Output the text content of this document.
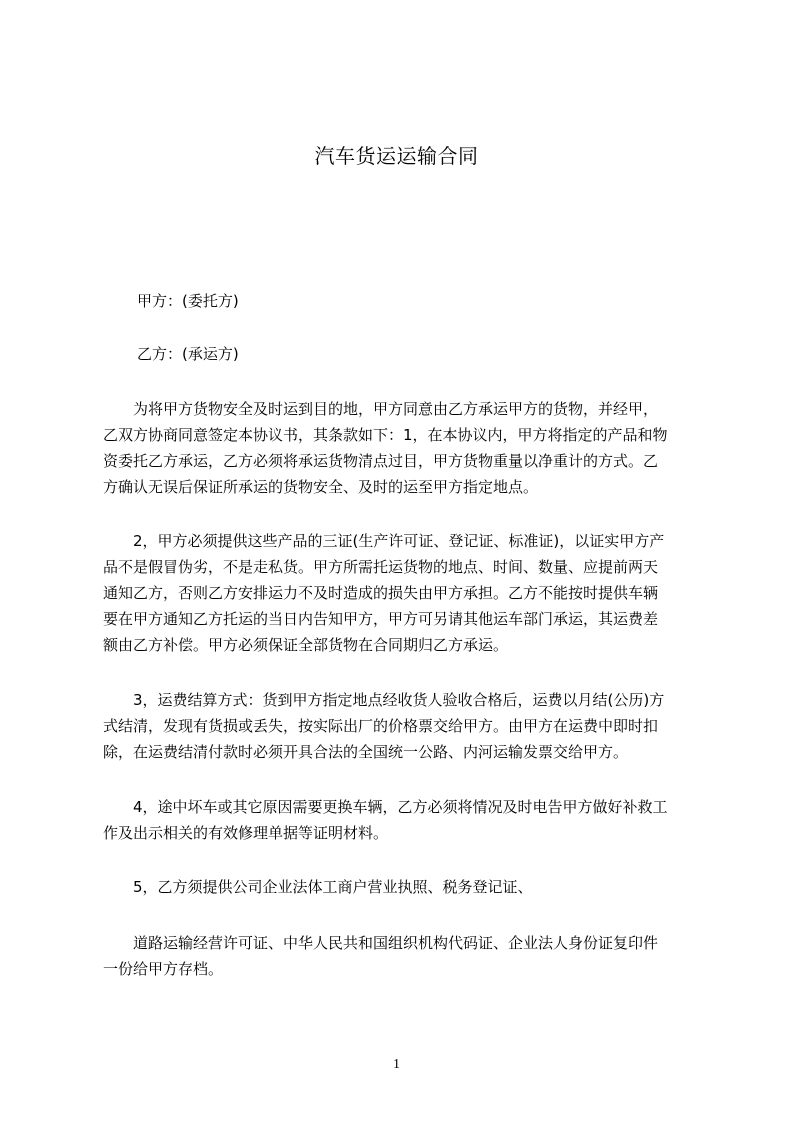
汽车货运运输合同
甲方：(委托方)
乙方：(承运方)
　　为将甲方货物安全及时运到目的地，甲方同意由乙方承运甲方的货物，并经甲，
乙双方协商同意签定本协议书，其条款如下：1，在本协议内，甲方将指定的产品和物
资委托乙方承运，乙方必须将承运货物清点过目，甲方货物重量以净重计的方式。乙
方确认无误后保证所承运的货物安全、及时的运至甲方指定地点。
　　2，甲方必须提供这些产品的三证(生产许可证、登记证、标准证)，以证实甲方产
品不是假冒伪劣，不是走私货。甲方所需托运货物的地点、时间、数量、应提前两天
通知乙方，否则乙方安排运力不及时造成的损失由甲方承担。乙方不能按时提供车辆
要在甲方通知乙方托运的当日内告知甲方，甲方可另请其他运车部门承运，其运费差
额由乙方补偿。甲方必须保证全部货物在合同期归乙方承运。
　　3，运费结算方式：货到甲方指定地点经收货人验收合格后，运费以月结(公历)方
式结清，发现有货损或丢失，按实际出厂的价格票交给甲方。由甲方在运费中即时扣
除，在运费结清付款时必须开具合法的全国统一公路、内河运输发票交给甲方。
　　4，途中坏车或其它原因需要更换车辆，乙方必须将情况及时电告甲方做好补救工
作及出示相关的有效修理单据等证明材料。
　　5，乙方须提供公司企业法体工商户营业执照、税务登记证、
　　道路运输经营许可证、中华人民共和国组织机构代码证、企业法人身份证复印件
一份给甲方存档。
1
